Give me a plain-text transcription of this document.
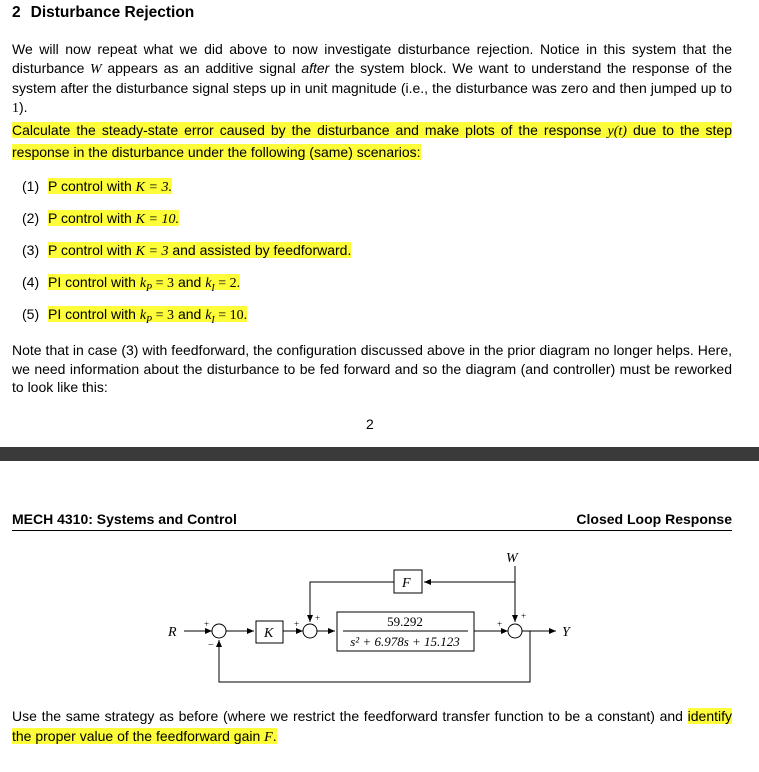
2 Disturbance Rejection
We will now repeat what we did above to now investigate disturbance rejection. Notice in this system that the disturbance W appears as an additive signal after the system block. We want to understand the response of the system after the disturbance signal steps up in unit magnitude (i.e., the disturbance was zero and then jumped up to 1).
Calculate the steady-state error caused by the disturbance and make plots of the response y(t) due to the step response in the disturbance under the following (same) scenarios:
(1) P control with K = 3.
(2) P control with K = 10.
(3) P control with K = 3 and assisted by feedforward.
(4) PI control with $k_P = 3$ and $k_I = 2$.
(5) PI control with $k_P = 3$ and $k_I = 10$.
Note that in case (3) with feedforward, the configuration discussed above in the prior diagram no longer helps. Here, we need information about the disturbance to be fed forward and so the diagram (and controller) must be reworked to look like this:
2
MECH 4310: Systems and Control	Closed Loop Response
R	Y
W
K
F
59.292
s² + 6.978s + 15.123
+
−
+
+
+
+
Use the same strategy as before (where we restrict the feedforward transfer function to be a constant) and identify the proper value of the feedforward gain F.
